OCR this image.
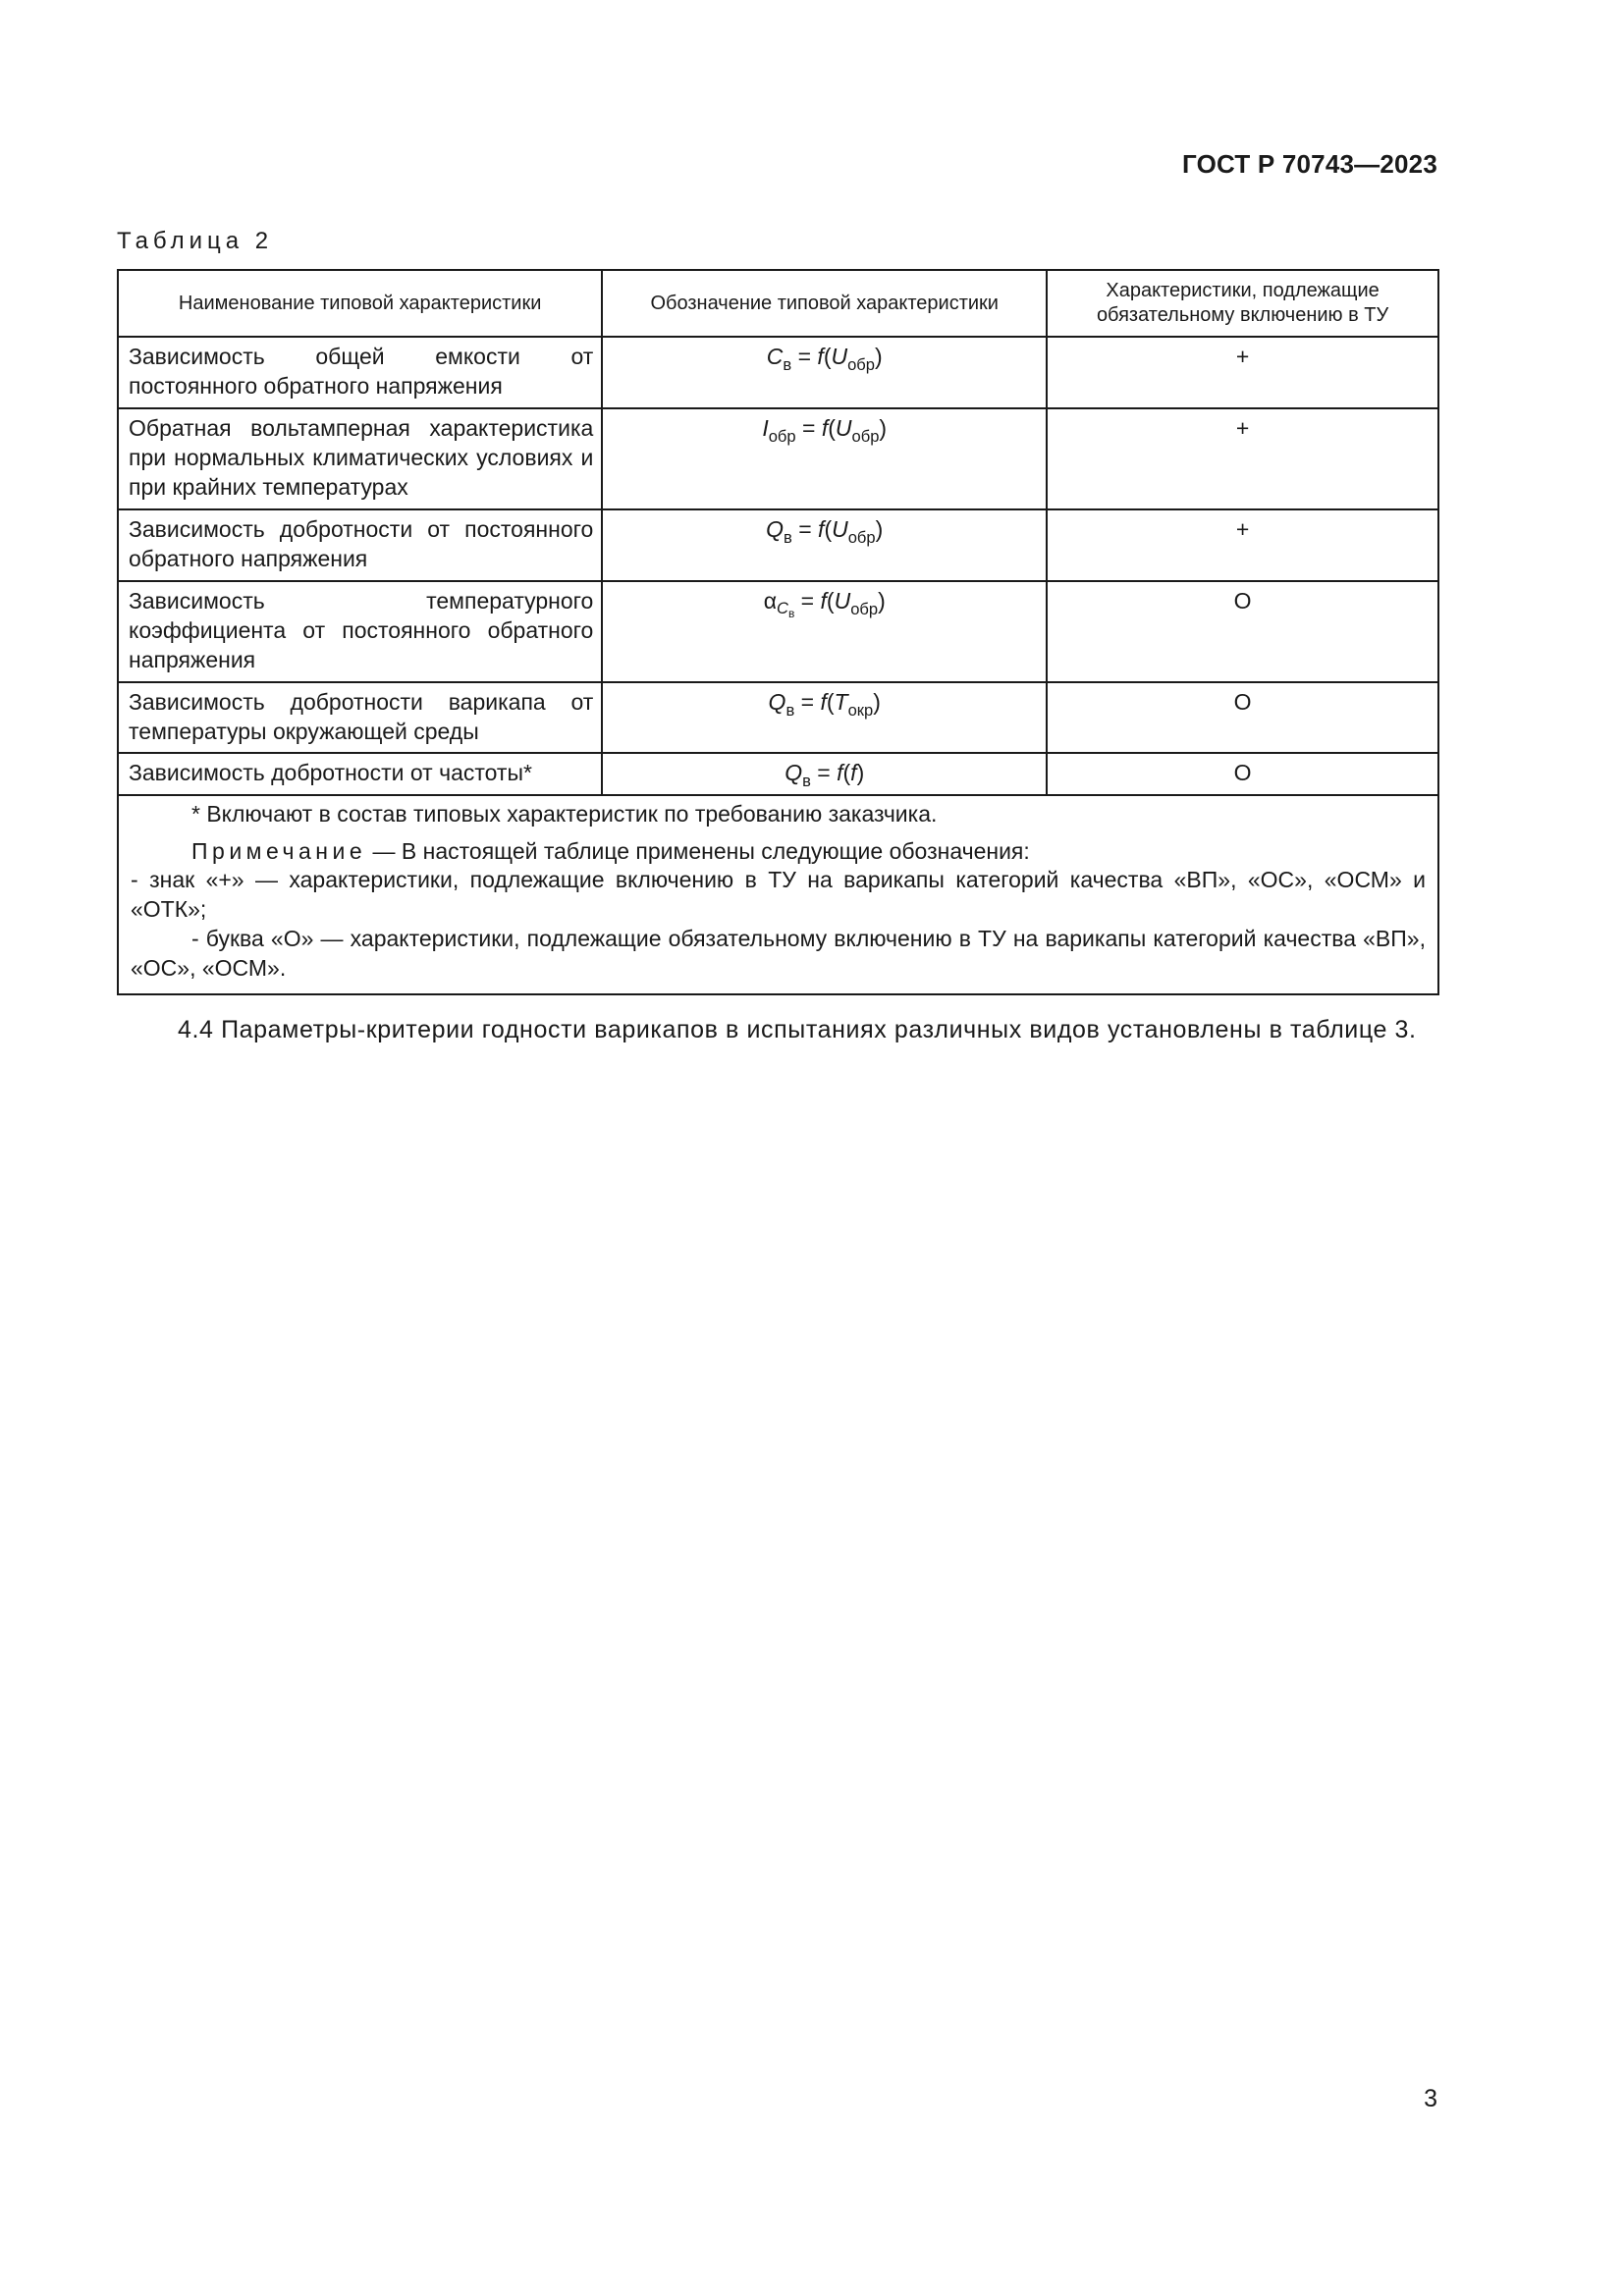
ГОСТ Р 70743—2023
Таблица 2
Наименование типовой характеристики	Обозначение типовой характеристики	Характеристики, подлежащие обязательному включению в ТУ
Зависимость общей емкости от постоянного обратного напряжения	$C_в = f(U_{обр})$	+
Обратная вольтамперная характеристика при нормальных климатических условиях и при крайних температурах	$I_{обр} = f(U_{обр})$	+
Зависимость добротности от постоянного обратного напряжения	$Q_в = f(U_{обр})$	+
Зависимость температурного коэффициента от постоянного обратного напряжения	$\alpha_{C_в} = f(U_{обр})$	О
Зависимость добротности варикапа от температуры окружающей среды	$Q_в = f(T_{окр})$	О
Зависимость добротности от частоты*	$Q_в = f(f)$	О

* Включают в состав типовых характеристик по требованию заказчика.

Примечание — В настоящей таблице применены следующие обозначения:

- знак «+» — характеристики, подлежащие включению в ТУ на варикапы категорий качества «ВП», «ОС», «ОСМ» и «ОТК»;

- буква «О» — характеристики, подлежащие обязательному включению в ТУ на варикапы категорий качества «ВП», «ОС», «ОСМ».		

4.4 Параметры-критерии годности варикапов в испытаниях различных видов установлены в таблице 3.
3
